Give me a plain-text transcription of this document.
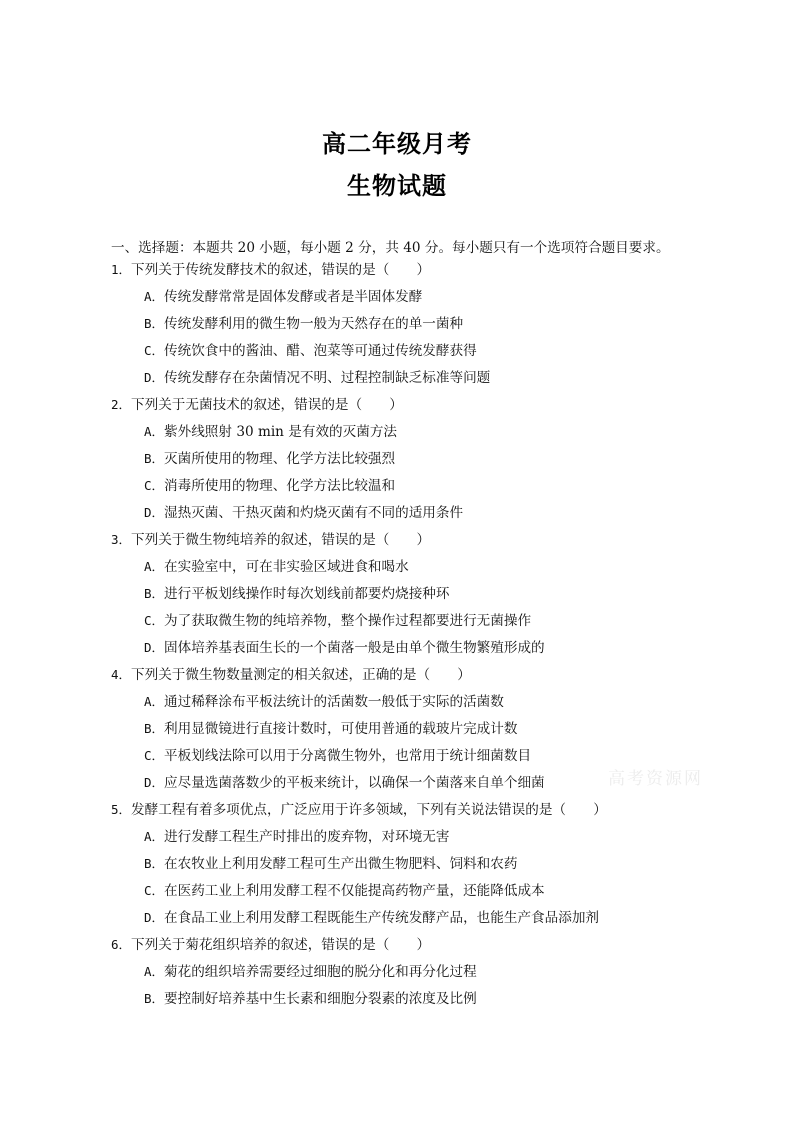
高二年级月考
生物试题
一、选择题：本题共 20 小题，每小题 2 分，共 40 分。每小题只有一个选项符合题目要求。
1．下列关于传统发酵技术的叙述，错误的是（　　）
A．传统发酵常常是固体发酵或者是半固体发酵
B．传统发酵利用的微生物一般为天然存在的单一菌种
C．传统饮食中的酱油、醋、泡菜等可通过传统发酵获得
D．传统发酵存在杂菌情况不明、过程控制缺乏标准等问题
2．下列关于无菌技术的叙述，错误的是（　　）
A．紫外线照射 30 min 是有效的灭菌方法
B．灭菌所使用的物理、化学方法比较强烈
C．消毒所使用的物理、化学方法比较温和
D．湿热灭菌、干热灭菌和灼烧灭菌有不同的适用条件
3．下列关于微生物纯培养的叙述，错误的是（　　）
A．在实验室中，可在非实验区域进食和喝水
B．进行平板划线操作时每次划线前都要灼烧接种环
C．为了获取微生物的纯培养物，整个操作过程都要进行无菌操作
D．固体培养基表面生长的一个菌落一般是由单个微生物繁殖形成的
4．下列关于微生物数量测定的相关叙述，正确的是（　　）
A．通过稀释涂布平板法统计的活菌数一般低于实际的活菌数
B．利用显微镜进行直接计数时，可使用普通的载玻片完成计数
C．平板划线法除可以用于分离微生物外，也常用于统计细菌数目
D．应尽量选菌落数少的平板来统计，以确保一个菌落来自单个细菌
5．发酵工程有着多项优点，广泛应用于许多领域，下列有关说法错误的是（　　）
A．进行发酵工程生产时排出的废弃物，对环境无害
B．在农牧业上利用发酵工程可生产出微生物肥料、饲料和农药
C．在医药工业上利用发酵工程不仅能提高药物产量，还能降低成本
D．在食品工业上利用发酵工程既能生产传统发酵产品，也能生产食品添加剂
6．下列关于菊花组织培养的叙述，错误的是（　　）
A．菊花的组织培养需要经过细胞的脱分化和再分化过程
B．要控制好培养基中生长素和细胞分裂素的浓度及比例
高考资源网
